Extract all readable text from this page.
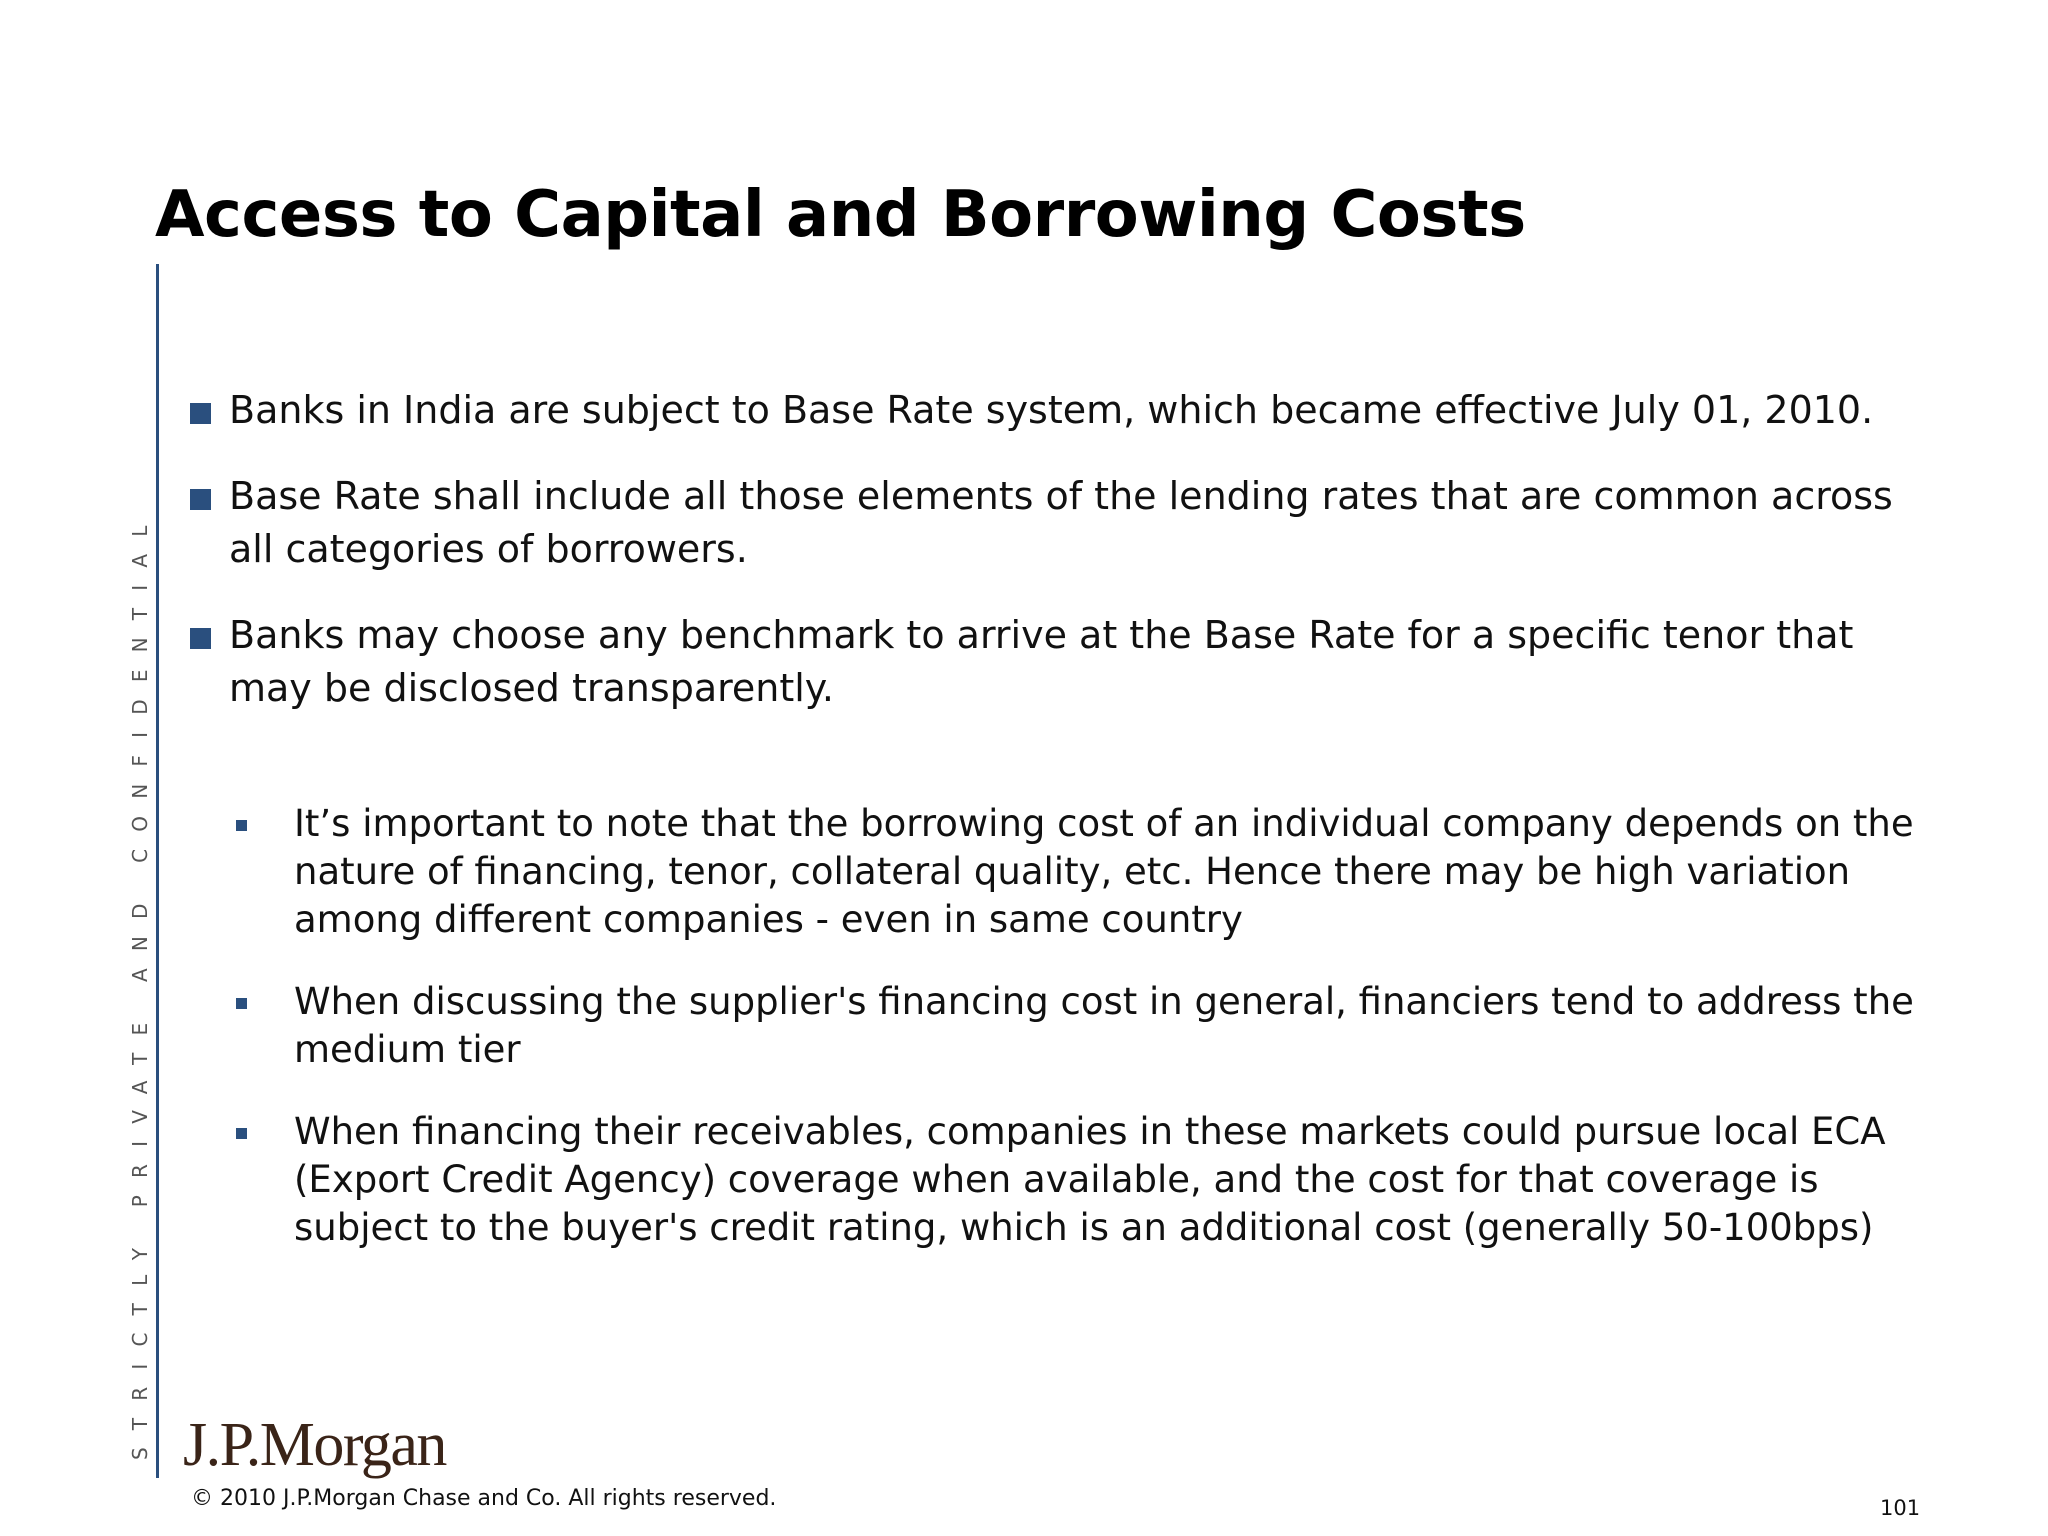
Access to Capital and Borrowing Costs
STRICTLY PRIVATE AND CONFIDENTIAL
Banks in India are subject to Base Rate system, which became effective July 01, 2010.
Base Rate shall include all those elements of the lending rates that are common across all categories of borrowers.
Banks may choose any benchmark to arrive at the Base Rate for a specific tenor that may be disclosed transparently.
It’s important to note that the borrowing cost of an individual company depends on the nature of financing, tenor, collateral quality, etc. Hence there may be high variation among different companies - even in same country
When discussing the supplier's financing cost in general, financiers tend to address the medium tier
When financing their receivables, companies in these markets could pursue local ECA (Export Credit Agency) coverage when available, and the cost for that coverage is subject to the buyer's credit rating, which is an additional cost (generally 50-100bps)
J.P.Morgan
© 2010 J.P.Morgan Chase and Co. All rights reserved.	101
